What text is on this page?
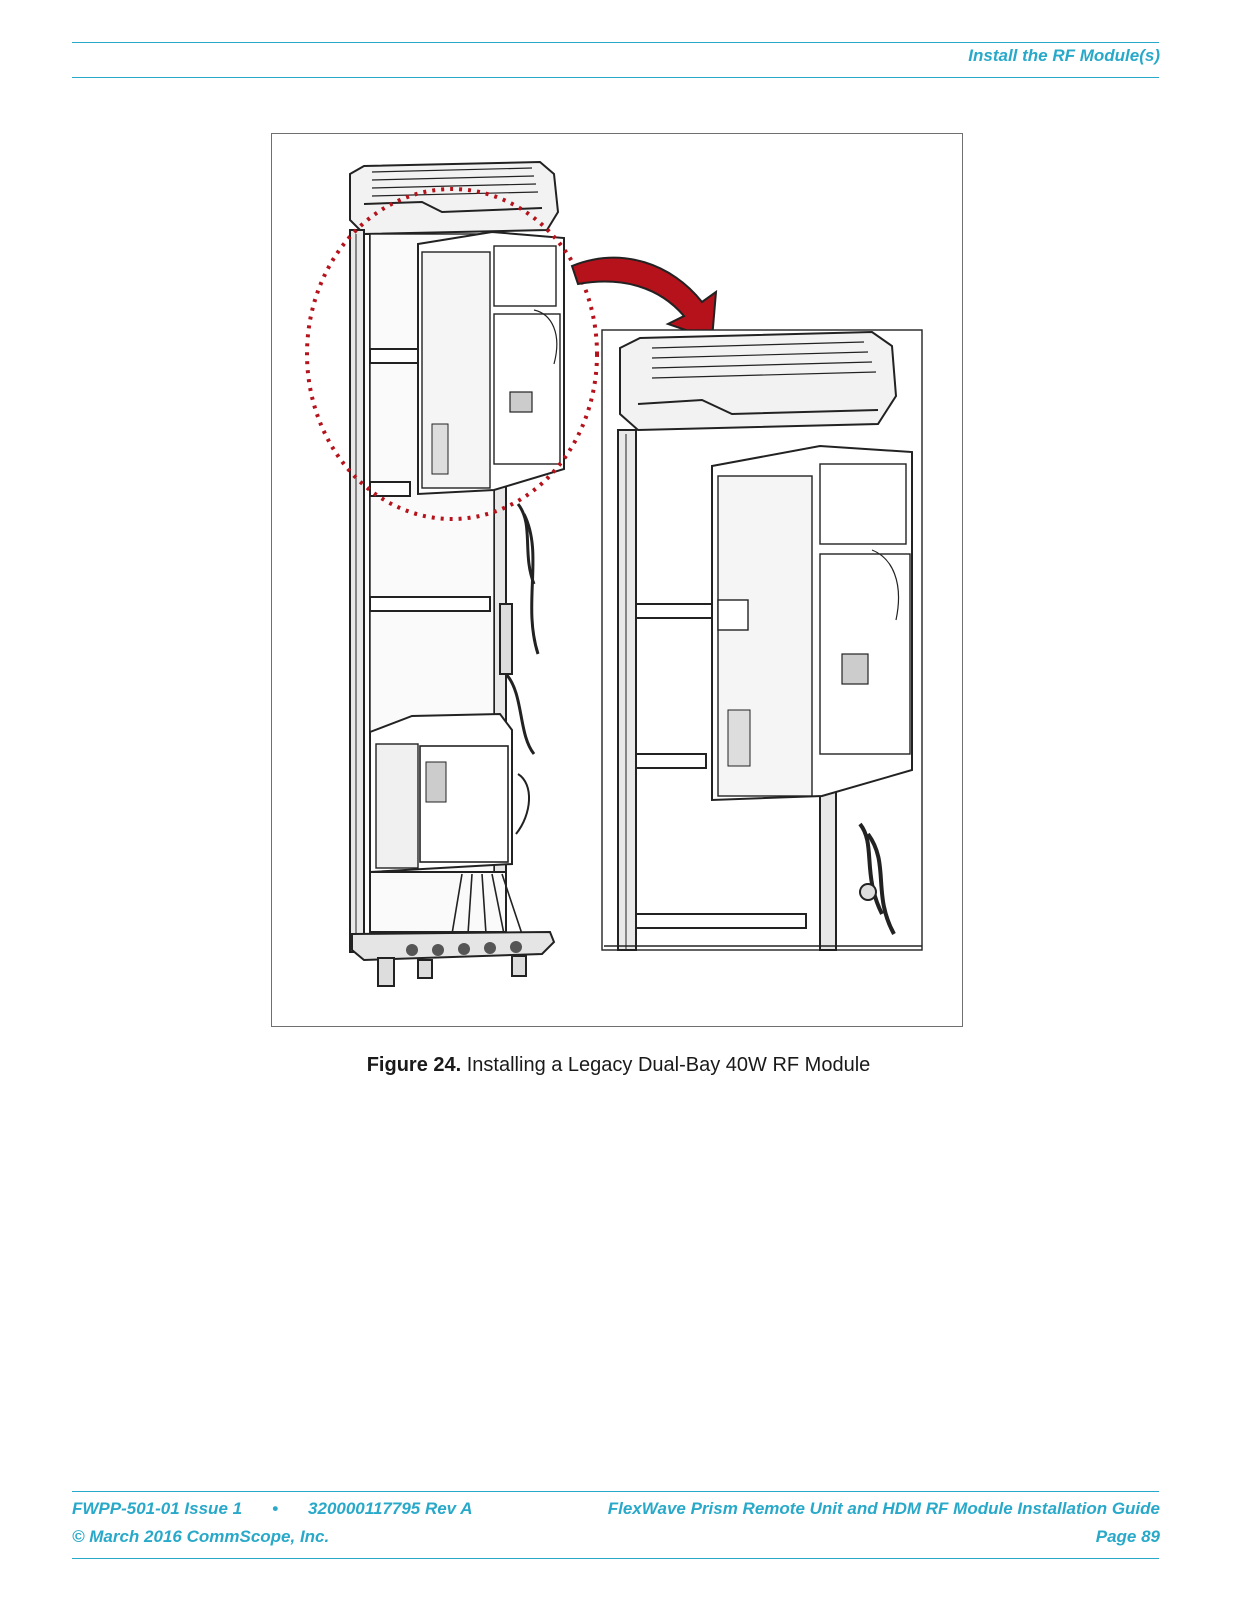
Install the RF Module(s)
Figure 24. Installing a Legacy Dual-Bay 40W RF Module
FWPP-501-01 Issue 1 • 320000117795 Rev A
© March 2016 CommScope, Inc.
FlexWave Prism Remote Unit and HDM RF Module Installation Guide
Page 89
